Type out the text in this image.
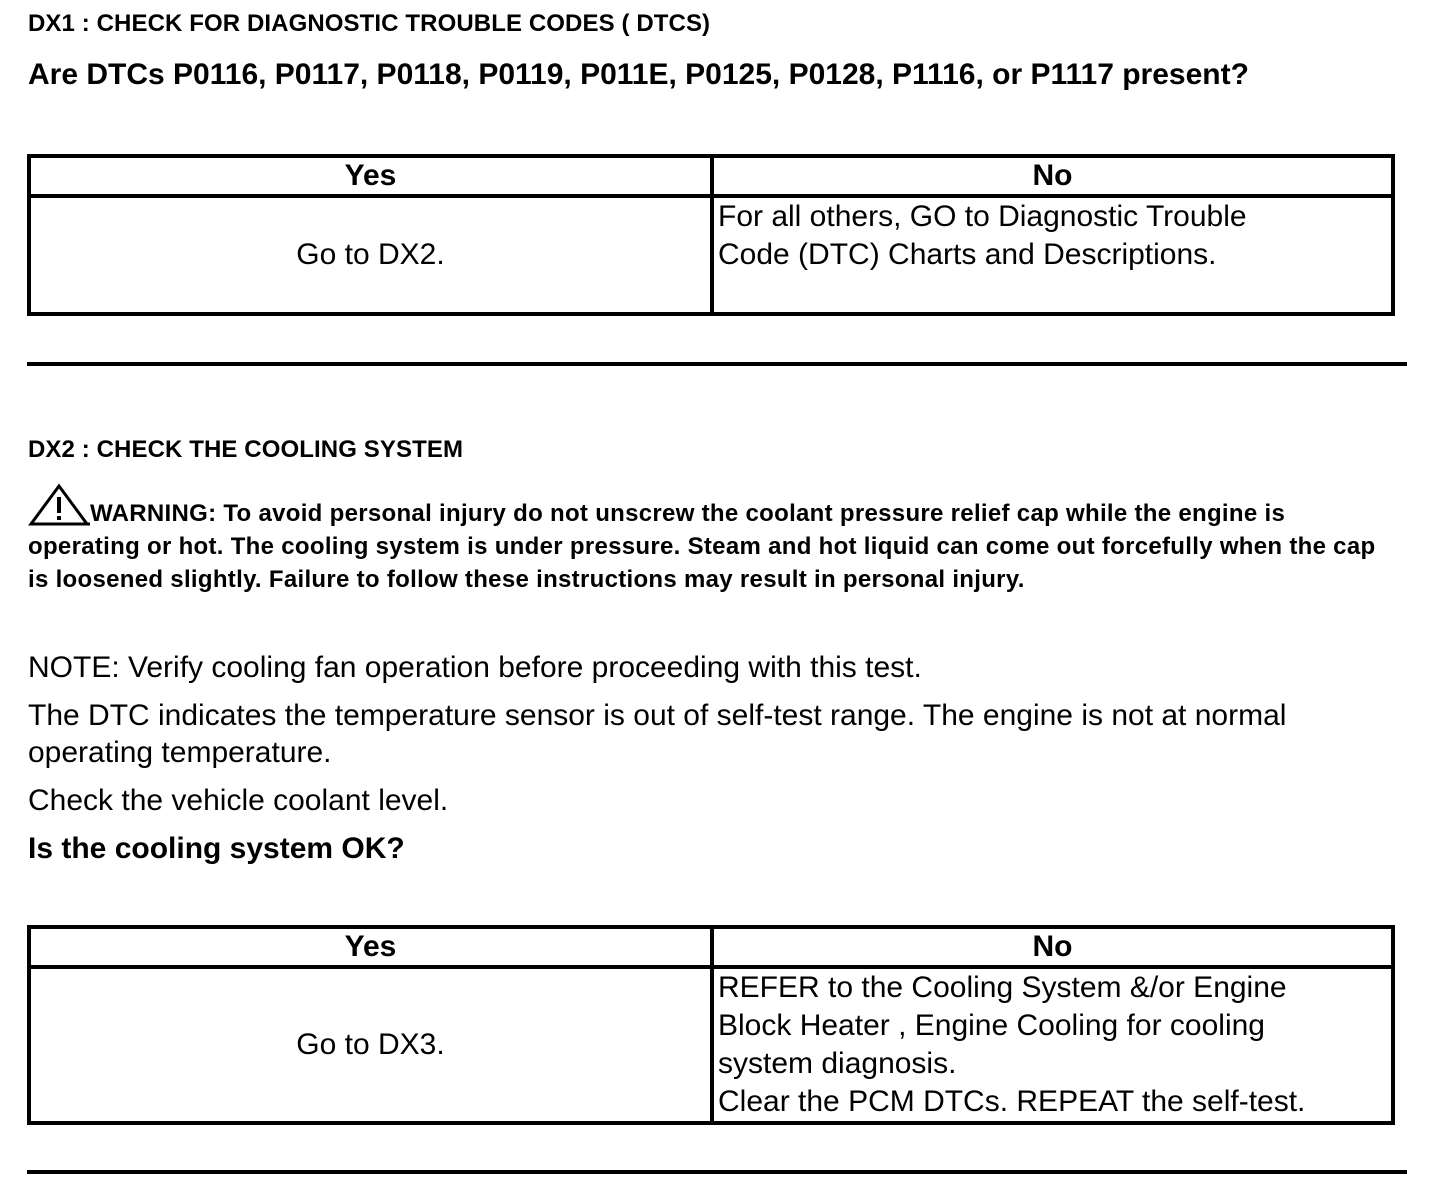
DX1 : CHECK FOR DIAGNOSTIC TROUBLE CODES ( DTCS)
Are DTCs P0116, P0117, P0118, P0119, P011E, P0125, P0128, P1116, or P1117 present?
Yes	No
Go to DX2.	For all others, GO to Diagnostic Trouble
Code (DTC) Charts and Descriptions.
DX2 : CHECK THE COOLING SYSTEM
WARNING: To avoid personal injury do not unscrew the coolant pressure relief cap while the engine is operating or hot. The cooling system is under pressure. Steam and hot liquid can come out forcefully when the cap is loosened slightly. Failure to follow these instructions may result in personal injury.
NOTE: Verify cooling fan operation before proceeding with this test.
The DTC indicates the temperature sensor is out of self-test range. The engine is not at normal operating temperature.
Check the vehicle coolant level.
Is the cooling system OK?
Yes	No
Go to DX3.	REFER to the Cooling System &/or Engine
Block Heater , Engine Cooling for cooling
system diagnosis.
Clear the PCM DTCs. REPEAT the self-test.
